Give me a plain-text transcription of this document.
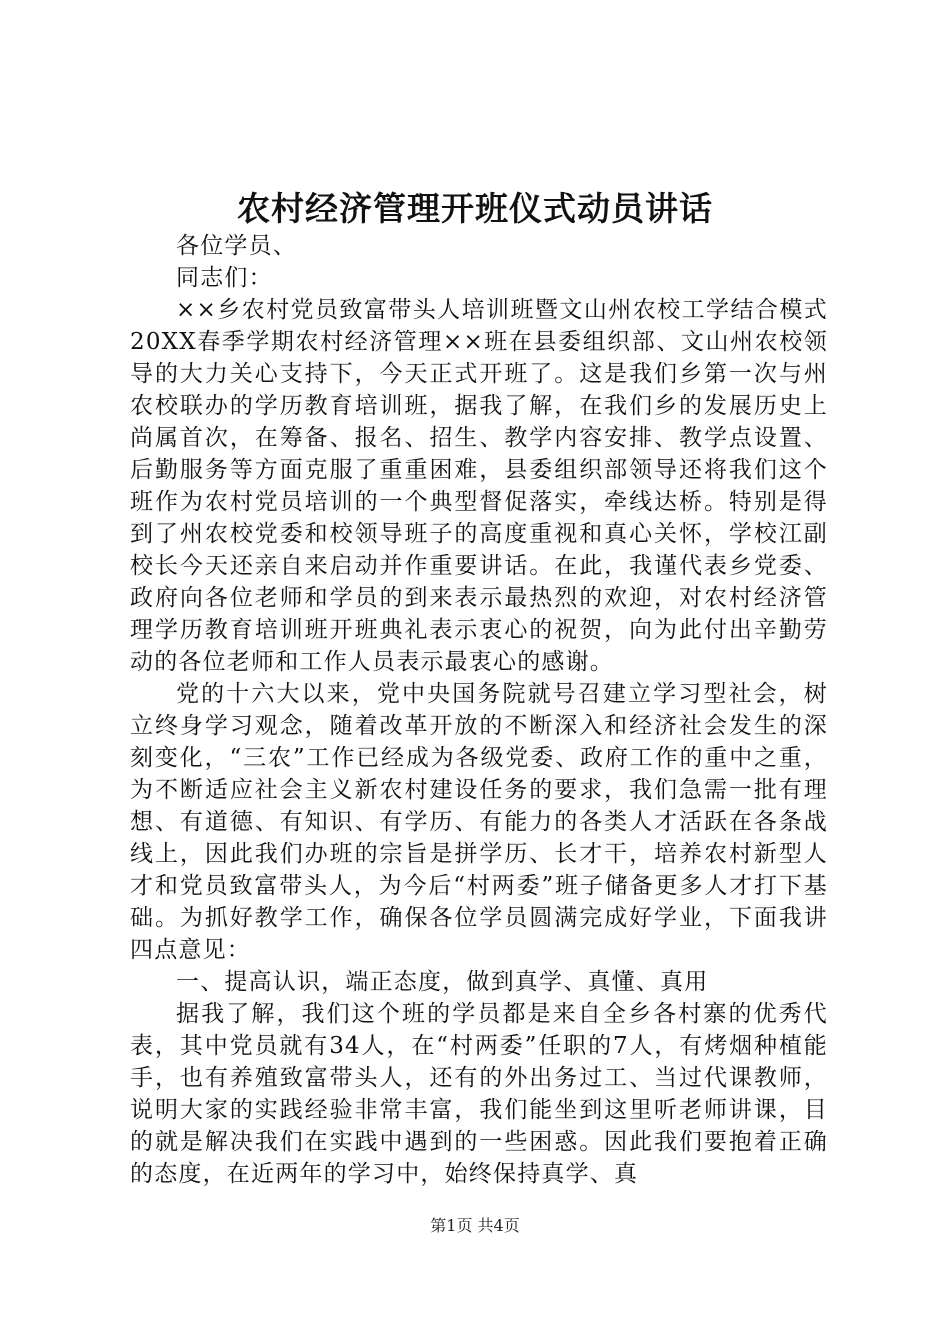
农村经济管理开班仪式动员讲话

各位学员、

同志们：

××乡农村党员致富带头人培训班暨文山州农校工学结合模式20XX春季学期农村经济管理××班在县委组织部、文山州农校领导的大力关心支持下，今天正式开班了。这是我们乡第一次与州农校联办的学历教育培训班，据我了解，在我们乡的发展历史上尚属首次，在筹备、报名、招生、教学内容安排、教学点设置、后勤服务等方面克服了重重困难，县委组织部领导还将我们这个班作为农村党员培训的一个典型督促落实，牵线达桥。特别是得到了州农校党委和校领导班子的高度重视和真心关怀，学校江副校长今天还亲自来启动并作重要讲话。在此，我谨代表乡党委、政府向各位老师和学员的到来表示最热烈的欢迎，对农村经济管理学历教育培训班开班典礼表示衷心的祝贺，向为此付出辛勤劳动的各位老师和工作人员表示最衷心的感谢。

党的十六大以来，党中央国务院就号召建立学习型社会，树立终身学习观念，随着改革开放的不断深入和经济社会发生的深刻变化，“三农”工作已经成为各级党委、政府工作的重中之重，为不断适应社会主义新农村建设任务的要求，我们急需一批有理想、有道德、有知识、有学历、有能力的各类人才活跃在各条战线上，因此我们办班的宗旨是拼学历、长才干，培养农村新型人才和党员致富带头人，为今后“村两委”班子储备更多人才打下基础。为抓好教学工作，确保各位学员圆满完成好学业，下面我讲四点意见：

一、提高认识，端正态度，做到真学、真懂、真用

据我了解，我们这个班的学员都是来自全乡各村寨的优秀代表，其中党员就有34人，在“村两委”任职的7人，有烤烟种植能手，也有养殖致富带头人，还有的外出务过工、当过代课教师，说明大家的实践经验非常丰富，我们能坐到这里听老师讲课，目的就是解决我们在实践中遇到的一些困惑。因此我们要抱着正确的态度，在近两年的学习中，始终保持真学、真

第1页 共4页
